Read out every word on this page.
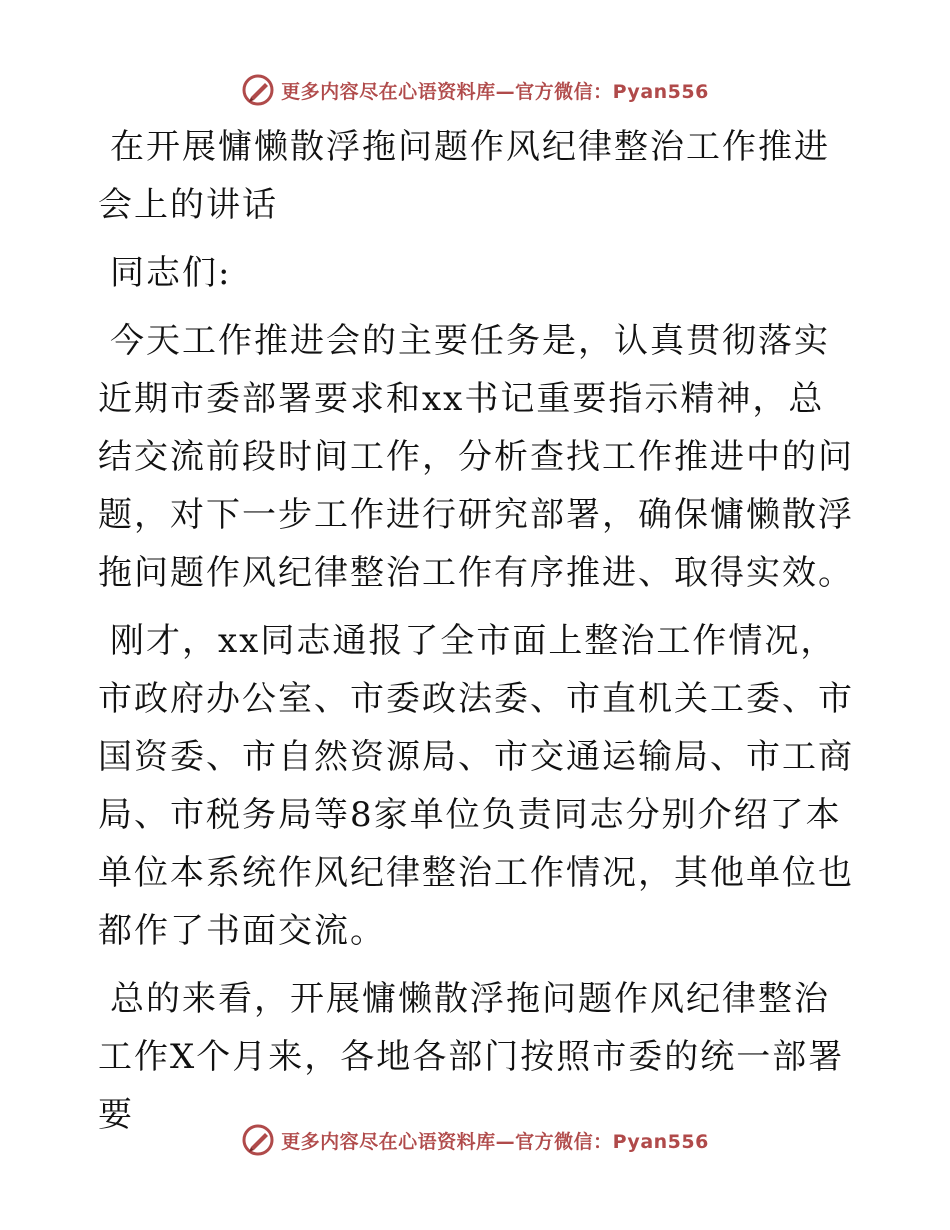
更多内容尽在心语资料库—官方微信：Pyan556
在开展慵懒散浮拖问题作风纪律整治工作推进会上的讲话

同志们:

今天工作推进会的主要任务是，认真贯彻落实近期市委部署要求和xx书记重要指示精神，总结交流前段时间工作，分析查找工作推进中的问题，对下一步工作进行研究部署，确保慵懒散浮拖问题作风纪律整治工作有序推进、取得实效。

刚才，xx同志通报了全市面上整治工作情况，市政府办公室、市委政法委、市直机关工委、市国资委、市自然资源局、市交通运输局、市工商局、市税务局等8家单位负责同志分别介绍了本单位本系统作风纪律整治工作情况，其他单位也都作了书面交流。

总的来看，开展慵懒散浮拖问题作风纪律整治工作X个月来，各地各部门按照市委的统一部署要

更多内容尽在心语资料库—官方微信：Pyan556
